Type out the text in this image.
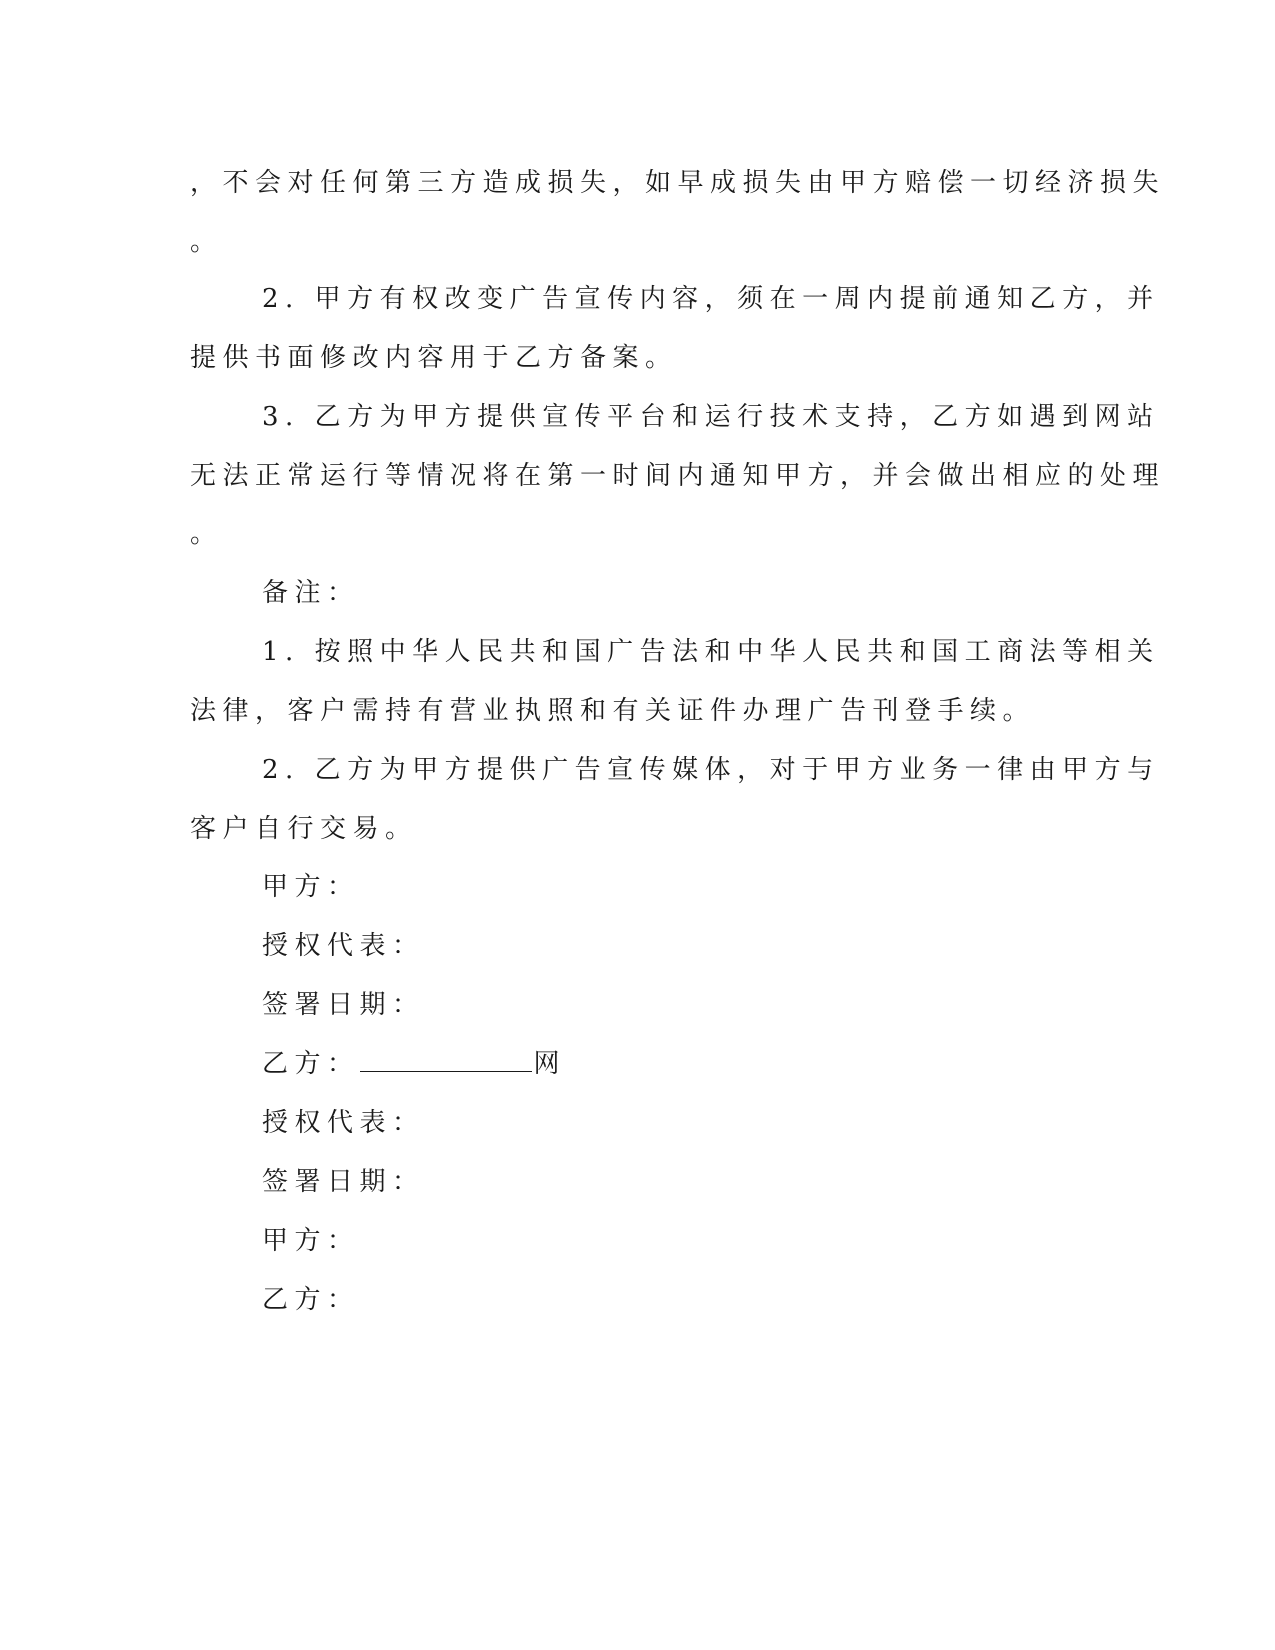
，不会对任何第三方造成损失，如早成损失由甲方赔偿一切经济损失
。
2. 甲方有权改变广告宣传内容，须在一周内提前通知乙方，并
提供书面修改内容用于乙方备案。
3. 乙方为甲方提供宣传平台和运行技术支持，乙方如遇到网站
无法正常运行等情况将在第一时间内通知甲方，并会做出相应的处理
。
备注：
1. 按照中华人民共和国广告法和中华人民共和国工商法等相关
法律，客户需持有营业执照和有关证件办理广告刊登手续。
2. 乙方为甲方提供广告宣传媒体，对于甲方业务一律由甲方与
客户自行交易。
甲方：
授权代表：
签署日期：
乙方：	网
授权代表：
签署日期：
甲方：
乙方：
